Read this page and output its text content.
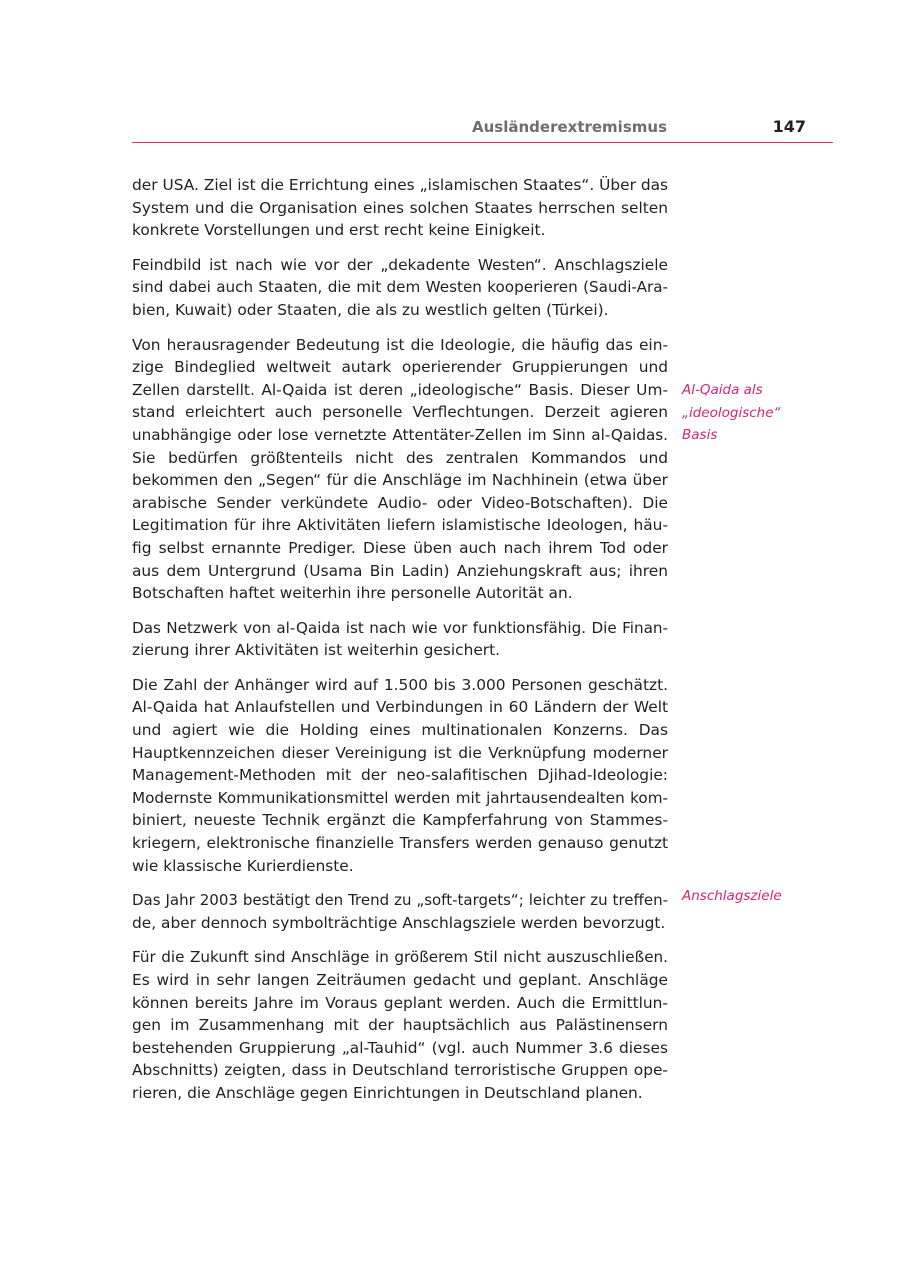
Ausländerextremismus	147

der USA. Ziel ist die Errichtung eines „islamischen Staates“. Über das
System und die Organisation eines solchen Staates herrschen selten
konkrete Vorstellungen und erst recht keine Einigkeit.

Feindbild ist nach wie vor der „dekadente Westen“. Anschlagsziele
sind dabei auch Staaten, die mit dem Westen kooperieren (Saudi-Ara-
bien, Kuwait) oder Staaten, die als zu westlich gelten (Türkei).

Von herausragender Bedeutung ist die Ideologie, die häufig das ein-
zige Bindeglied weltweit autark operierender Gruppierungen und
Zellen darstellt. Al-Qaida ist deren „ideologische“ Basis. Dieser Um-
stand erleichtert auch personelle Verflechtungen. Derzeit agieren
unabhängige oder lose vernetzte Attentäter-Zellen im Sinn al-Qaidas.
Sie bedürfen größtenteils nicht des zentralen Kommandos und
bekommen den „Segen“ für die Anschläge im Nachhinein (etwa über
arabische Sender verkündete Audio- oder Video-Botschaften). Die
Legitimation für ihre Aktivitäten liefern islamistische Ideologen, häu-
fig selbst ernannte Prediger. Diese üben auch nach ihrem Tod oder
aus dem Untergrund (Usama Bin Ladin) Anziehungskraft aus; ihren
Botschaften haftet weiterhin ihre personelle Autorität an.

Das Netzwerk von al-Qaida ist nach wie vor funktionsfähig. Die Finan-
zierung ihrer Aktivitäten ist weiterhin gesichert.

Die Zahl der Anhänger wird auf 1.500 bis 3.000 Personen geschätzt.
Al-Qaida hat Anlaufstellen und Verbindungen in 60 Ländern der Welt
und agiert wie die Holding eines multinationalen Konzerns. Das
Hauptkennzeichen dieser Vereinigung ist die Verknüpfung moderner
Management-Methoden mit der neo-salafitischen Djihad-Ideologie:
Modernste Kommunikationsmittel werden mit jahrtausendealten kom-
biniert, neueste Technik ergänzt die Kampferfahrung von Stammes-
kriegern, elektronische finanzielle Transfers werden genauso genutzt
wie klassische Kurierdienste.

Das Jahr 2003 bestätigt den Trend zu „soft-targets“; leichter zu treffen-
de, aber dennoch symbolträchtige Anschlagsziele werden bevorzugt.

Für die Zukunft sind Anschläge in größerem Stil nicht auszuschließen.
Es wird in sehr langen Zeiträumen gedacht und geplant. Anschläge
können bereits Jahre im Voraus geplant werden. Auch die Ermittlun-
gen im Zusammenhang mit der hauptsächlich aus Palästinensern
bestehenden Gruppierung „al-Tauhid“ (vgl. auch Nummer 3.6 dieses
Abschnitts) zeigten, dass in Deutschland terroristische Gruppen ope-
rieren, die Anschläge gegen Einrichtungen in Deutschland planen.

Al-Qaida als
„ideologische“
Basis
Anschlagsziele
